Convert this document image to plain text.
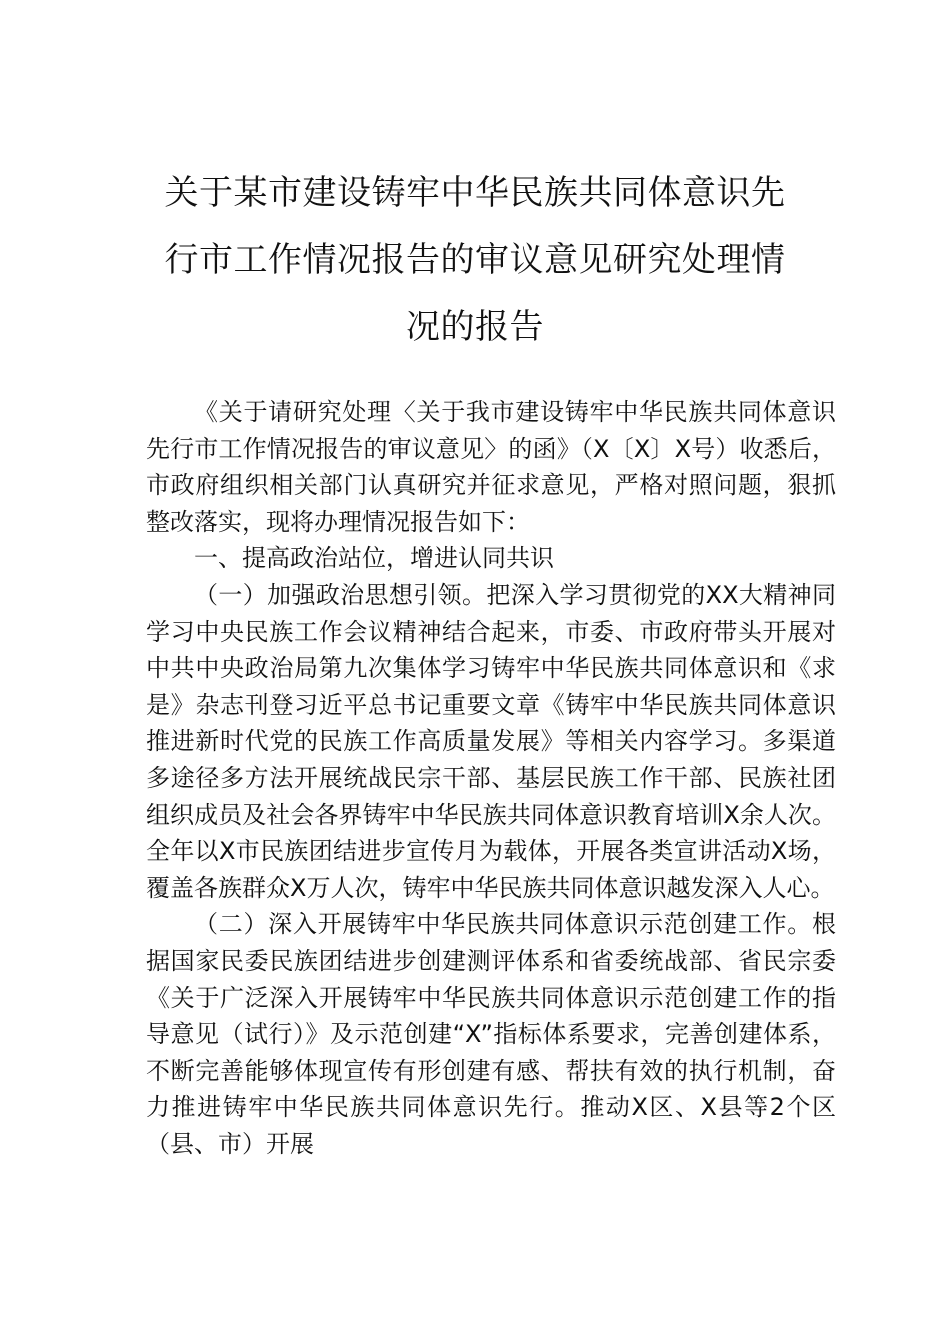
关于某市建设铸牢中华民族共同体意识先
行市工作情况报告的审议意见研究处理情
况的报告

《关于请研究处理〈关于我市建设铸牢中华民族共同体意识先行市工作情况报告的审议意见〉的函》（X〔X〕X号）收悉后，市政府组织相关部门认真研究并征求意见，严格对照问题，狠抓整改落实，现将办理情况报告如下：

一、提高政治站位，增进认同共识

（一）加强政治思想引领。把深入学习贯彻党的XX大精神同学习中央民族工作会议精神结合起来，市委、市政府带头开展对中共中央政治局第九次集体学习铸牢中华民族共同体意识和《求是》杂志刊登习近平总书记重要文章《铸牢中华民族共同体意识推进新时代党的民族工作高质量发展》等相关内容学习。多渠道多途径多方法开展统战民宗干部、基层民族工作干部、民族社团组织成员及社会各界铸牢中华民族共同体意识教育培训X余人次。全年以X市民族团结进步宣传月为载体，开展各类宣讲活动X场，覆盖各族群众X万人次，铸牢中华民族共同体意识越发深入人心。

（二）深入开展铸牢中华民族共同体意识示范创建工作。根据国家民委民族团结进步创建测评体系和省委统战部、省民宗委《关于广泛深入开展铸牢中华民族共同体意识示范创建工作的指导意见（试行）》及示范创建“X”指标体系要求，完善创建体系，不断完善能够体现宣传有形创建有感、帮扶有效的执行机制，奋力推进铸牢中华民族共同体意识先行。推动X区、X县等2个区（县、市）开展
